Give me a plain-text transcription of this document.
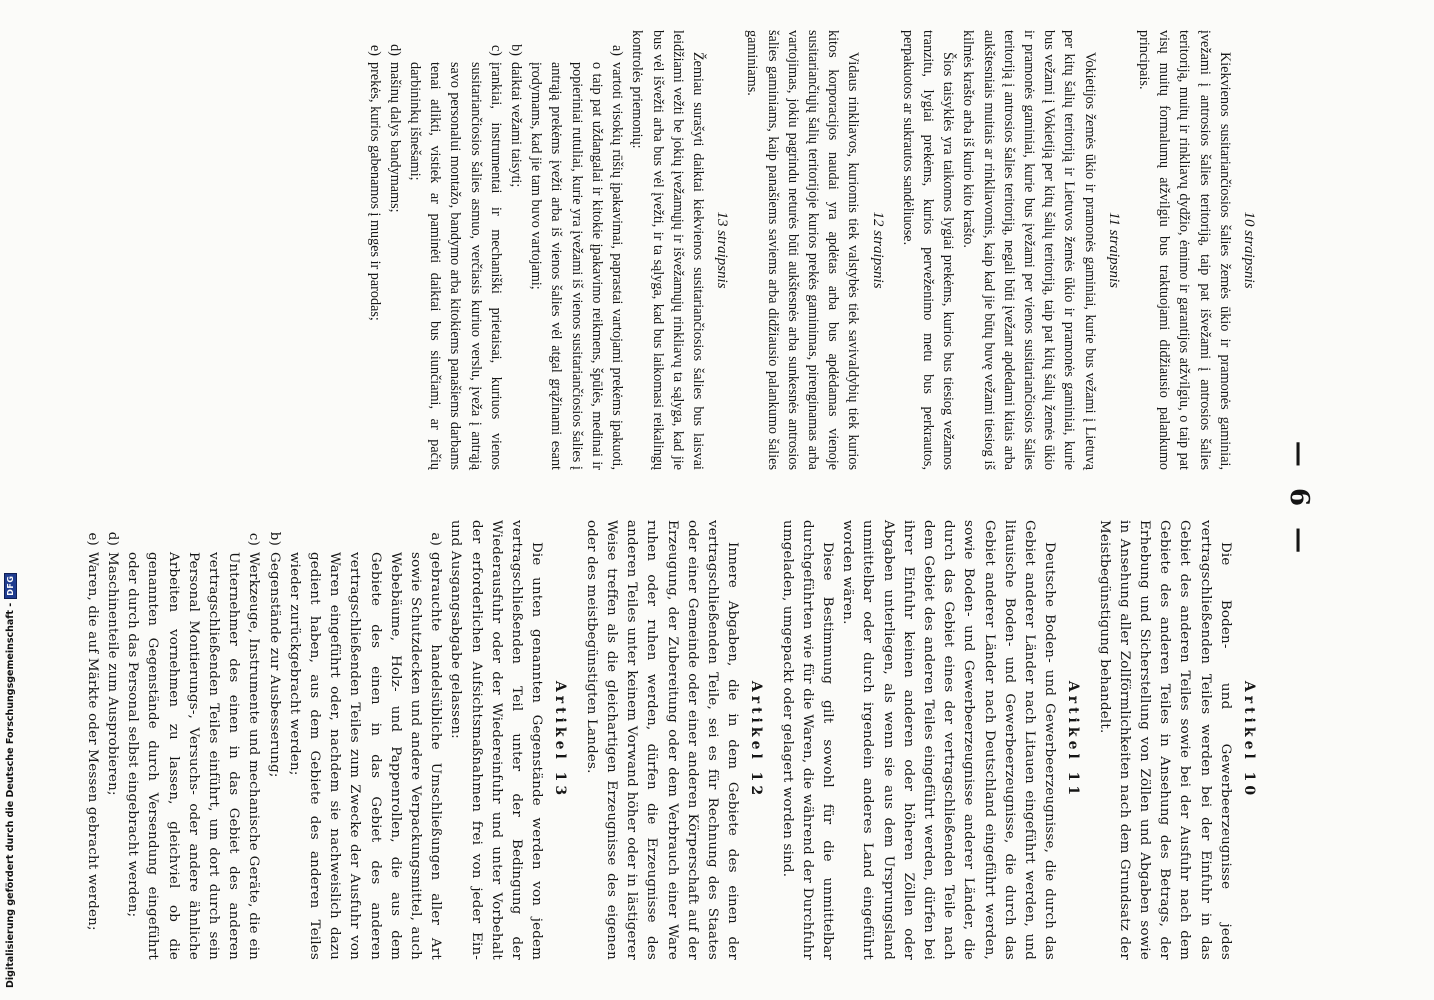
— 6 —
10 straipsnis

Kiekvienos susitariančiosios šalies žemės ūkio ir pramonės gaminiai, įvežami į antrosios šalies teritoriją, taip pat išvežami į antrosios šalies teritoriją, muitų ir rinkliavų dydžio, ėmimo ir garantijos atžvilgiu, o taip pat visų muitų formalumų atžvilgiu bus traktuojami didžiausio palankumo principais.

11 straipsnis

Vokietijos žemės ūkio ir pramonės gaminiai, kurie bus vežami į Lietuvą per kitų šalių teritoriją ir Lietuvos žemės ūkio ir pramonės gaminiai, kurie bus vežami į Vokietiją per kitų šalių teritoriją, taip pat kitų šalių žemės ūkio ir pramonės gaminiai, kurie bus įvežami per vienos susitariančiosios šalies teritoriją į antrosios šalies teritoriją, negali būti įvežant apdedami kitais arba aukštesniais muitais ar rinkliavomis, kaip kad jie būtų buvę vežami tiesiog iš kilmės krašto arba iš kurio kito krašto.

Šios taisyklės yra taikomos lygiai prekėms, kurios bus tiesiog vežamos tranzitu, lygiai prekėms, kurios perveženimo metu bus perkrautos, perpakuotos ar sukrautos sandėliuose.

12 straipsnis

Vidaus rinkliavos, kuriomis tiek valstybės tiek savivaldybių tiek kurios kitos korporacijos naudai yra apdėtas arba bus apdėdamas vienoje susitariančiųjų šalių teritorijoje kurios prekės gaminimas, pirenginamas arba vartojimas, jokiu pagrindu neturės būti aukštesnės arba sunkesnės antrosios šalies gaminiams, kaip panašiems saviems arba didžiausio palankumo šalies gaminiams.

13 straipsnis

Žemiau surašyti daiktai kiekvienos susitariančiosios šalies bus laisvai leidžiami vežti be jokių įvežamųjų ir išvežamųjų rinkliavų ta sąlyga, kad jie bus vėl išvežti arba bus vėl įvežti, ir ta sąlyga, kad bus laikomasi reikalingų kontrolės priemonių:

a)
vartoti visokių rūšių įpakavimai, paprastai vartojami prekėms įpakuoti, o taip pat uždangalai ir kitokie įpakavimo reikmens, špūlės, medinai ir popieriniai rutuliai, kurie yra įvežami iš vienos susitariančiosios šalies į antrąją prekėms įvežti arba iš vienos šalies vėl atgal grąžinami esant įrodymams, kad jie tam buvo vartojami;
b)
daiktai vežami taisyti;
c)
įrankiai, instrumentai ir mechaniški prietaisai, kuriuos vienos susitariančiosios šalies asmuo, verčiasis kuriuo verslu, įveža į antrąją savo personalui montažo, bandymo arba kitokiems panašiems darbams tenai atlikti, vistiek ar paminėti daiktai bus siunčiami, ar pačių darbininkų išnešami;
d)
mašinų dalys bandymams;
e)
prekės, kurios gabenamos į muges ir parodas;
Artikel 10

Die Boden- und Gewerbeerzeugnisse jedes vertragschließenden Teiles werden bei der Einfuhr in das Gebiet des anderen Teiles sowie bei der Ausfuhr nach dem Gebiete des anderen Teiles in Ansehung des Betrags, der Erhebung und Sicherstellung von Zöllen und Abgaben sowie in Ansehung aller Zollförmlichkeiten nach dem Grundsatz der Meistbegünstigung behandelt.

Artikel 11

Deutsche Boden- und Gewerbeerzeugnisse, die durch das Gebiet anderer Länder nach Litauen eingeführt werden, und litauische Boden- und Gewerbeerzeugnisse, die durch das Gebiet anderer Länder nach Deutschland eingeführt werden, sowie Boden- und Gewerbeerzeugnisse anderer Länder, die durch das Gebiet eines der vertragschließenden Teile nach dem Gebiet des anderen Teiles eingeführt werden, dürfen bei ihrer Einfuhr keinen anderen oder höheren Zöllen oder Abgaben unterliegen, als wenn sie aus dem Ursprungsland unmittelbar oder durch irgendein anderes Land eingeführt worden wären.

Diese Bestimmung gilt sowohl für die unmittelbar durchgeführten wie für die Waren, die während der Durchfuhr umgeladen, umgepackt oder gelagert worden sind.

Artikel 12

Innere Abgaben, die in dem Gebiete des einen der vertragschließenden Teile, sei es für Rechnung des Staates oder einer Gemeinde oder einer anderen Körperschaft auf der Erzeugung, der Zubereitung oder dem Verbrauch einer Ware ruhen oder ruhen werden, dürfen die Erzeugnisse des anderen Teiles unter keinem Vorwand höher oder in lästigerer Weise treffen als die gleichartigen Erzeugnisse des eigenen oder des meistbegünstigten Landes.

Artikel 13

Die unten genannten Gegenstände werden von jedem vertragschließenden Teil unter der Bedingung der Wiederausfuhr oder der Wiedereinfuhr und unter Vorbehalt der erforderlichen Aufsichtsmaßnahmen frei von jeder Ein- und Ausgangsabgabe gelassen:

a)
gebrauchte handelsübliche Umschließungen aller Art sowie Schutzdecken und andere Verpackungsmittel, auch Webebäume, Holz- und Pappenrollen, die aus dem Gebiete des einen in das Gebiet des anderen vertragschließenden Teiles zum Zwecke der Ausfuhr von Waren eingeführt oder, nachdem sie nachweislich dazu gedient haben, aus dem Gebiete des anderen Teiles wieder zurückgebracht werden;
b)
Gegenstände zur Ausbesserung;
c)
Werkzeuge, Instrumente und mechanische Geräte, die ein Unternehmer des einen in das Gebiet des anderen vertragschließenden Teiles einführt, um dort durch sein Personal Montierungs-, Versuchs- oder andere ähnliche Arbeiten vornehmen zu lassen, gleichviel ob die genannten Gegenstände durch Versendung eingeführt oder durch das Personal selbst eingebracht werden;
d)
Maschinenteile zum Ausprobieren;
e)
Waren, die auf Märkte oder Messen gebracht werden;
Digitalisierung gefördert durch die Deutsche Forschungsgemeinschaft -
DFG
